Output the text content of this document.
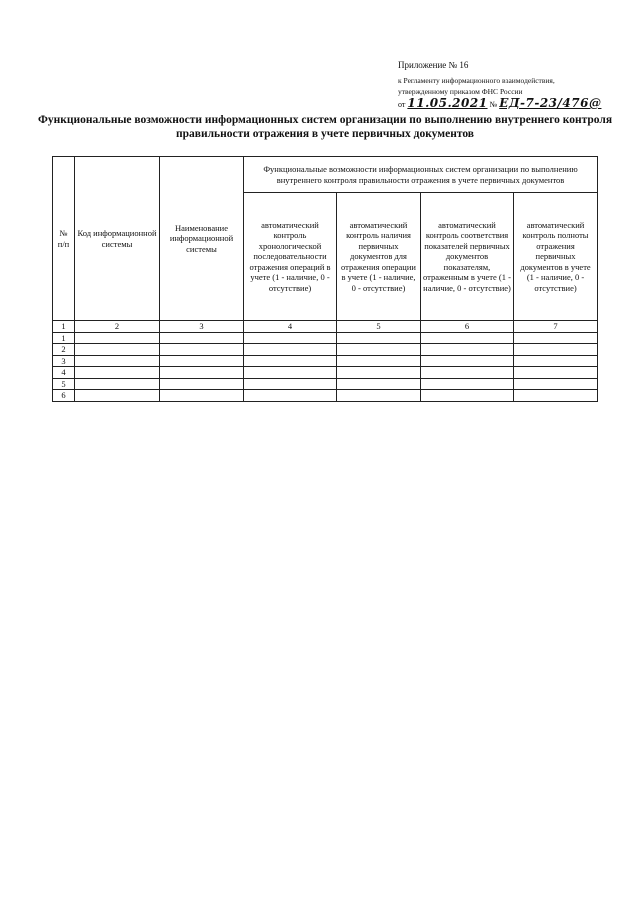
Приложение № 16
к Регламенту информационного взаимодействия,
утвержденному приказом ФНС России
от 11.05.2021 № ЕД-7-23/476@
Функциональные возможности информационных систем организации по выполнению внутреннего контроля
правильности отражения в учете первичных документов
№ п/п	Код информационной системы	Наименование информационной системы	Функциональные возможности информационных систем организации по выполнению внутреннего контроля правильности отражения в учете первичных документов			
			автоматический контроль хронологической последовательности отражения операций в учете (1 - наличие, 0 - отсутствие)	автоматический контроль наличия первичных документов для отражения операции в учете (1 - наличие, 0 - отсутствие)	автоматический контроль соответствия показателей первичных документов показателям, отраженным в учете (1 - наличие, 0 - отсутствие)	автоматический контроль полноты отражения первичных документов в учете (1 - наличие, 0 - отсутствие)
1	2	3	4	5	6	7
1						
2						
3						
4						
5						
6						
